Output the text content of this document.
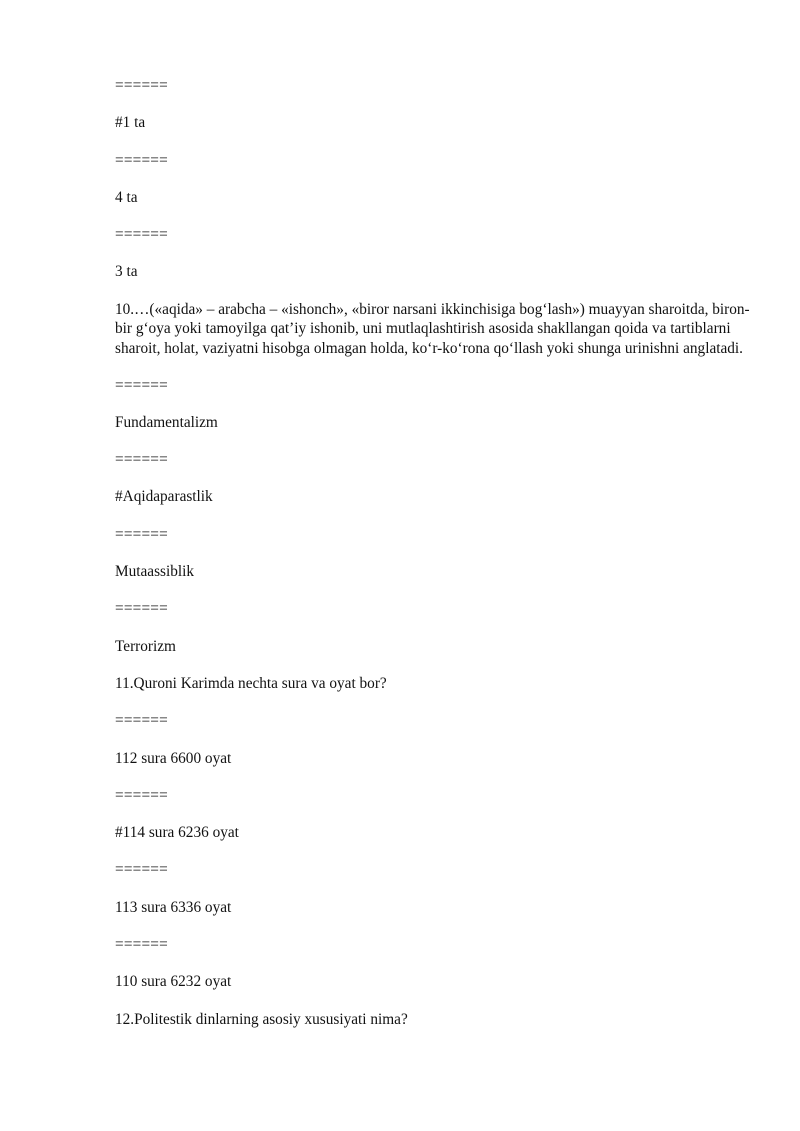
======
#1 ta
======
4 ta
======
3 ta
10.…(«aqida» – arabcha – «ishonch», «biror narsani ikkinchisiga bog‘lash») muayyan sharoitda, biron-bir g‘oya yoki tamoyilga qat’iy ishonib, uni mutlaqlashtirish asosida shakllangan qoida va tartiblarni sharoit, holat, vaziyatni hisobga olmagan holda, ko‘r-ko‘rona qo‘llash yoki shunga urinishni anglatadi.
======
Fundamentalizm
======
#Aqidaparastlik
======
Mutaassiblik
======
Terrorizm
11.Quroni Karimda nechta sura va oyat bor?
======
112 sura 6600 oyat
======
#114 sura 6236 oyat
======
113 sura 6336 oyat
======
110 sura 6232 oyat
12.Politestik dinlarning asosiy xususiyati nima?
